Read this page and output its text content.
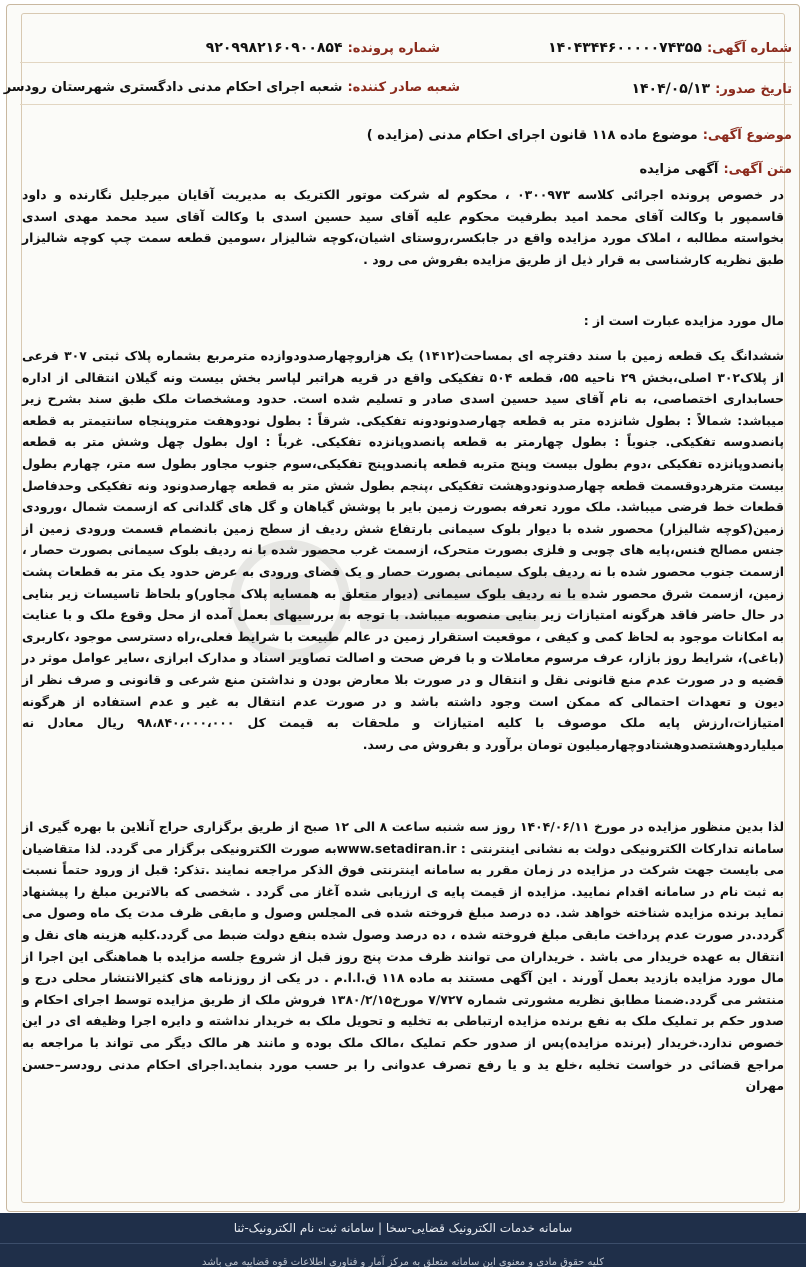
شماره آگهی: ۱۴۰۴۳۴۴۶۰۰۰۰۰۷۴۳۵۵
شماره پرونده: ۹۲۰۹۹۸۲۱۶۰۹۰۰۸۵۴
تاریخ صدور: ۱۴۰۴/۰۵/۱۳
شعبه صادر کننده: شعبه اجرای احکام مدنی دادگستری شهرستان رودسر
موضوع آگهی: موضوع ماده ۱۱۸ قانون اجرای احکام مدنی (مزایده )
متن آگهی: آگهی مزایده
در خصوص پرونده اجرائی کلاسه ۰۳۰۰۹۷۳ ، محکوم له شرکت موتور الکتریک به مدیریت آقایان میرجلیل نگارنده و داود قاسمپور با وکالت آقای محمد امید بطرفیت محکوم علیه آقای سید حسین اسدی با وکالت آقای سید محمد مهدی اسدی بخواسته مطالبه ، املاک مورد مزایده واقع در جابکسر،روستای اشیان،کوچه شالیزار ،سومین قطعه سمت چپ کوچه شالیزار طبق نظریه کارشناسی به قرار ذیل از طریق مزایده بفروش می رود .
مال مورد مزایده عبارت است از :
ششدانگ یک قطعه زمین با سند دفترچه ای بمساحت(۱۴۱۲) یک هزاروچهارصدودوازده مترمربع بشماره پلاک ثبتی ۳۰۷ فرعی از پلاک۳۰۲ اصلی،بخش ۲۹ ناحیه ۵۵، قطعه ۵۰۴ تفکیکی واقع در قریه هراتبر لپاسر بخش بیست ونه گیلان انتقالی از اداره حسابداری اختصاصی، به نام آقای سید حسین اسدی صادر و تسلیم شده است. حدود ومشخصات ملک طبق سند بشرح زیر میباشد: شمالاً : بطول شانزده متر به قطعه چهارصدونودونه تفکیکی. شرقاً : بطول نودوهفت متروپنجاه سانتیمتر به قطعه پانصدوسه تفکیکی. جنوباً : بطول چهارمتر به قطعه پانصدوپانزده تفکیکی. غرباً : اول بطول چهل وشش متر به قطعه پانصدوپانزده تفکیکی ،دوم بطول بیست وپنج متربه قطعه پانصدوپنج تفکیکی،سوم جنوب مجاور بطول سه متر، چهارم بطول بیست مترهردوقسمت قطعه چهارصدونودوهشت تفکیکی ،پنجم بطول شش متر به قطعه چهارصدونود ونه تفکیکی وحدفاصل قطعات خط فرضی میباشد. ملک مورد تعرفه بصورت زمین بایر با پوشش گیاهان و گل های گلدانی که ازسمت شمال ،ورودی زمین(کوچه شالیزار) محصور شده با دیوار بلوک سیمانی بارتفاع شش ردیف از سطح زمین بانضمام قسمت ورودی زمین از جنس مصالح فنس،پایه های چوبی و فلزی بصورت متحرک، ازسمت غرب محصور شده با نه ردیف بلوک سیمانی بصورت حصار ، ازسمت جنوب محصور شده با نه ردیف بلوک سیمانی بصورت حصار و یک فضای ورودی به عرض حدود یک متر به قطعات پشت زمین، ازسمت شرق محصور شده با نه ردیف بلوک سیمانی (دیوار متعلق به همسایه پلاک مجاور)و بلحاظ تاسیسات زیر بنایی در حال حاضر فاقد هرگونه امتیازات زیر بنایی منصوبه میباشد. با توجه به بررسیهای بعمل آمده از محل وقوع ملک و با عنایت به امکانات موجود به لحاظ کمی و کیفی ، موقعیت استقرار زمین در عالم طبیعت با شرایط فعلی،راه دسترسی موجود ،کاربری (باغی)، شرایط روز بازار، عرف مرسوم معاملات و با فرض صحت و اصالت تصاویر اسناد و مدارک ابرازی ،سایر عوامل موثر در قضیه و در صورت عدم منع قانونی نقل و انتقال و در صورت بلا معارض بودن و نداشتن منع شرعی و قانونی و صرف نظر از دیون و تعهدات احتمالی که ممکن است وجود داشته باشد و در صورت عدم انتقال به غیر و عدم استفاده از هرگونه امتیازات،ارزش پایه ملک موصوف با کلیه امتیازات و ملحقات به قیمت کل ۹۸،۸۴۰،۰۰۰،۰۰۰ ریال معادل نه میلیاردوهشتصدوهشتادوچهارمیلیون تومان برآورد و بفروش می رسد.
لذا بدین منظور مزایده در مورخ ۱۴۰۴/۰۶/۱۱ روز سه شنبه ساعت ۸ الی ۱۲ صبح از طریق برگزاری حراج آنلاین با بهره گیری از سامانه تدارکات الکترونیکی دولت به نشانی اینترنتی : www.setadiran.irبه صورت الکترونیکی برگزار می گردد. لذا متقاضیان می بایست جهت شرکت در مزایده در زمان مقرر به سامانه اینترنتی فوق الذکر مراجعه نمایند .تذکر: قبل از ورود حتماً نسبت به ثبت نام در سامانه اقدام نمایید. مزایده از قیمت پایه ی ارزیابی شده آغاز می گردد . شخصی که بالاترین مبلغ را پیشنهاد نماید برنده مزایده شناخته خواهد شد. ده درصد مبلغ فروخته شده فی المجلس وصول و مابقی ظرف مدت یک ماه وصول می گردد.در صورت عدم پرداخت مابقی مبلغ فروخته شده ، ده درصد وصول شده بنفع دولت ضبط می گردد.کلیه هزینه های نقل و انتقال به عهده خریدار می باشد . خریداران می توانند ظرف مدت پنج روز قبل از شروع جلسه مزایده با هماهنگی این اجرا از مال مورد مزایده بازدید بعمل آورند . این آگهی مستند به ماده ۱۱۸ ق.ا.ا.م . در یکی از روزنامه های کثیرالانتشار محلی درج و منتشر می گردد.ضمنا مطابق نظریه مشورتی شماره ۷/۷۲۷ مورخ۱۳۸۰/۲/۱۵ فروش ملک از طریق مزایده توسط اجرای احکام و صدور حکم بر تملیک ملک به نفع برنده مزایده ارتباطی به تخلیه و تحویل ملک به خریدار نداشته و دایره اجرا وظیفه ای در این خصوص ندارد.خریدار (برنده مزایده)پس از صدور حکم تملیک ،مالک ملک بوده و مانند هر مالک دیگر می تواند با مراجعه به مراجع قضائی در خواست تخلیه ،خلع ید و یا رفع تصرف عدوانی را بر حسب مورد بنماید.اجرای احکام مدنی رودسر–حسن مهران
سامانه خدمات الکترونیک قضایی-سخا | سامانه ثبت نام الکترونیک-ثنا
کلیه حقوق مادی و معنوی این سامانه متعلق به مرکز آمار و فناوری اطلاعات قوه قضاییه می باشد
